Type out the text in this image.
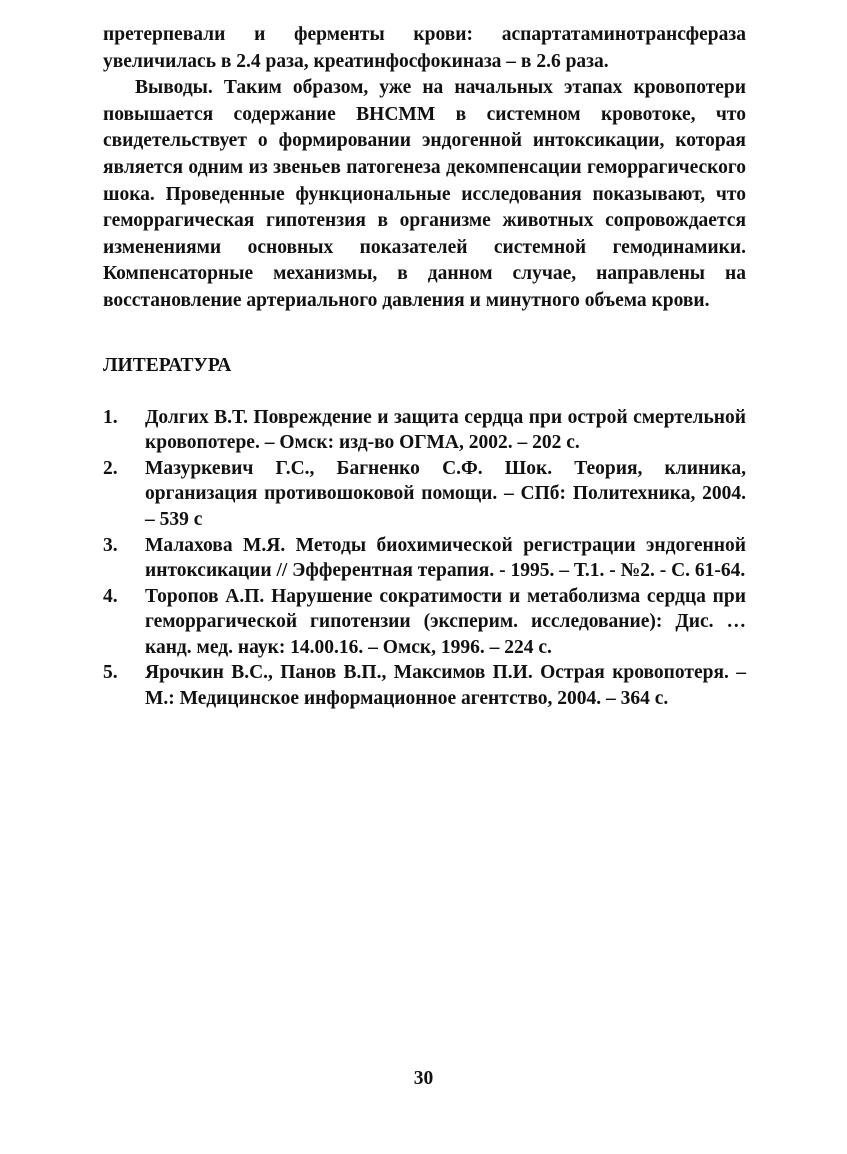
претерпевали и ферменты крови: аспартатаминотрансфераза увеличилась в 2.4 раза, креатинфосфокиназа – в 2.6 раза.

Выводы. Таким образом, уже на начальных этапах кровопотери повышается содержание ВНСММ в системном кровотоке, что свидетельствует о формировании эндогенной интоксикации, которая является одним из звеньев патогенеза декомпенсации геморрагического шока. Проведенные функциональные исследования показывают, что геморрагическая гипотензия в организме животных сопровождается изменениями основных показателей системной гемодинамики. Компенсаторные механизмы, в данном случае, направлены на восстановление артериального давления и минутного объема крови.

ЛИТЕРАТУРА
1. Долгих В.Т. Повреждение и защита сердца при острой смертельной кровопотере. – Омск: изд-во ОГМА, 2002. – 202 с.
2. Мазуркевич Г.С., Багненко С.Ф. Шок. Теория, клиника, организация противошоковой помощи. – СПб: Политехника, 2004. – 539 с
3. Малахова М.Я. Методы биохимической регистрации эндогенной интоксикации // Эфферентная терапия. - 1995. – Т.1. - №2. - С. 61-64.
4. Торопов А.П. Нарушение сократимости и метаболизма сердца при геморрагической гипотензии (эксперим. исследование): Дис. … канд. мед. наук: 14.00.16. – Омск, 1996. – 224 с.
5. Ярочкин В.С., Панов В.П., Максимов П.И. Острая кровопотеря. – М.: Медицинское информационное агентство, 2004. – 364 с.
30
